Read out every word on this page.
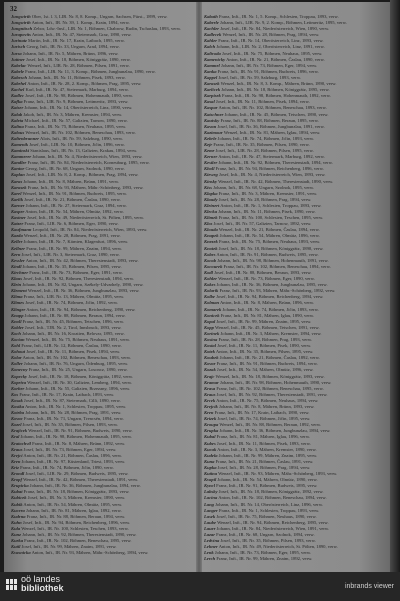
32
Jungwirth Ober, 1st. l. 3, LIR. Nr. 8, 8. Komp., Ungarn, Sachsen, Fürst., 1899, verw.
Jungwirth Anton, Inft., IR. Nr. 39, 1. Komp., Krain, 1894, verw.
Jungnitsch Zebor, Ldw.-Insf., LIR. Nr. 1, Böhmen, Chabrow, Rudin, Tschaslau, 1893, verw.
Jurapovits Anton, Inft., IR. Nr. 47, Steiermark, Graz, 1890, verw.
Jurinatz Martin, Inft., IR. Nr. 17, Krain, Laibach, 1895, verw.
Jurisch Georg, Inft., IR. Nr. 33, Ungarn, Arad, 1894, verw.
Jursa Johann, Inft., IR. Nr. 5, Mähren, Brünn, 1896, verw.
Juttner Josef, Inft., IR. Nr. 18, Böhmen, Königgrätz, 1890, verw.
Kabelac Wenzel, Inft., LIR. Nr. 28, Böhmen, Pilsen, 1891, verw.
Kabele Franz, Inft., LIR. Nr. 11, 3. Komp., Böhmen, Jungbunzlau, 1890, verw.
Kabesch Johann, Inft., IR. Nr. 11, Böhmen, Pisek, 1893, verw.
Kabrhel Anton, Inft., IR. Nr. 28, 2. Komp., Böhmen, Prag, 1895, verw.
Kachel Karl, Inft., IR. Nr. 47, Steiermark, Marburg, 1894, verw.
Kadlec Josef, Inft., IR. Nr. 98, Böhmen, Hohenmauth, 1890, verw.
Kafka Franz, Inft., LIR. Nr. 9, Böhmen, Leitmeritz, 1893, verw.
Kaiser Johann, Inft., IR. Nr. 14, Oberösterreich, Linz, 1890, verw.
Kalab Jakob, Inft., IR. Nr. 3, Mähren, Kremsier, 1894, verw.
Kaleta Michael, Inft., IR. Nr. 57, Galizien, Tarnow, 1890, verw.
Kalina Franz, Inft., IR. Nr. 75, Böhmen, Neuhaus, 1895, verw.
Kalous Wenzel, Inft., IR. Nr. 102, Böhmen, Beneschau, 1893, verw.
Kaltenbrunner Alois, Inft., IR. Nr. 59, Salzburg, 1890, verw.
Kamenik Josef, Inft., LIR. Nr. 10, Böhmen, Jičin, 1896, verw.
Kaminski Stanislaus, Inft., IR. Nr. 13, Galizien, Krakau, 1894, verw.
Kammerer Johann, Inft., IR. Nr. 4, Niederösterreich, Wien, 1893, verw.
Kandler Franz, Inft., IR. Nr. 84, Niederösterreich, Korneuburg, 1895, verw.
Kantor Georg, Inft., IR. Nr. 68, Ungarn, Szolnok, 1890, verw.
Kaplan Josef, Inft., LIR. Nr. 8, 2. Komp., Böhmen, Prag, 1894, verw.
Karas Johann, Inft., IR. Nr. 8, Mähren, Brünn, 1891, verw.
Karasek Franz, Inft., IR. Nr. 93, Mähren, Mähr.-Schönberg, 1893, verw.
Karel Wenzel, Inft., IR. Nr. 91, Böhmen, Budweis, 1895, verw.
Karlik Josef, Inft., IR. Nr. 21, Böhmen, Časlau, 1890, verw.
Karner Johann, Inft., IR. Nr. 27, Steiermark, Graz, 1894, verw.
Kasper Anton, Inft., IR. Nr. 54, Mähren, Olmütz, 1892, verw.
Kastner Josef, Inft., IR. Nr. 49, Niederösterreich, St. Pölten, 1895, verw.
Katzer Franz, Inft., LIR. Nr. 6, Böhmen, Eger, 1890, verw.
Kaufmann Leopold, Inft., IR. Nr. 84, Niederösterreich, Wien, 1893, verw.
Kazda Wenzel, Inft., IR. Nr. 28, Böhmen, Prag, 1891, verw.
Keller Johann, Inft., IR. Nr. 7, Kärnten, Klagenfurt, 1896, verw.
Kellner Franz, Inft., IR. Nr. 99, Mähren, Znaim, 1894, verw.
Kern Josef, Inft., LIR. Nr. 3, Steiermark, Graz, 1890, verw.
Kessler Anton, Inft., IR. Nr. 42, Böhmen, Theresienstadt, 1893, verw.
Kindl Johann, Inft., IR. Nr. 35, Böhmen, Pilsen, 1895, verw.
Kirchner Franz, Inft., IR. Nr. 73, Böhmen, Eger, 1891, verw.
Klaus Josef, Inft., IR. Nr. 92, Böhmen, Theresienstadt, 1894, verw.
Klein Johann, Inft., IR. Nr. 82, Ungarn, Székely-Udvarhely, 1890, verw.
Klement Wenzel, Inft., IR. Nr. 36, Böhmen, Jungbunzlau, 1893, verw.
Klima Franz, Inft., LIR. Nr. 13, Mähren, Olmütz, 1895, verw.
Klimes Josef, Inft., IR. Nr. 74, Böhmen, Jičin, 1892, verw.
Klinger Anton, Inft., IR. Nr. 94, Böhmen, Reichenberg, 1890, verw.
Knapp Johann, Inft., IR. Nr. 88, Böhmen, Beraun, 1894, verw.
Knoll Franz, Inft., IR. Nr. 45, Böhmen, Tetschen, 1896, verw.
Kobler Josef, Inft., TJR. Nr. 2, Tirol, Innsbruck, 1893, verw.
Koch Johann, Inft., IR. Nr. 16, Kroatien, Belovar, 1895, verw.
Kocian Wenzel, Inft., IR. Nr. 75, Böhmen, Neuhaus, 1891, verw.
Kohl Franz, Inft., LIR. Nr. 12, Böhmen, Časlau, 1890, verw.
Kohout Josef, Inft., IR. Nr. 11, Böhmen, Pisek, 1894, verw.
Kolar Anton, Inft., IR. Nr. 102, Böhmen, Beneschau, 1893, verw.
Koller Johann, Inft., IR. Nr. 76, Ungarn, Ödenburg, 1895, verw.
Konecny Franz, Inft., IR. Nr. 25, Ungarn, Losoncz, 1890, verw.
Kopecky Josef, Inft., IR. Nr. 18, Böhmen, Königgrätz, 1892, verw.
Kopriva Wenzel, Inft., IR. Nr. 30, Galizien, Lemberg, 1894, verw.
Korber Johann, Inft., IR. Nr. 55, Galizien, Brzezany, 1896, verw.
Kos Franz, Inft., IR. Nr. 17, Krain, Laibach, 1893, verw.
Kosak Josef, Inft., IR. Nr. 87, Steiermark, Cilli, 1890, verw.
Kostka Anton, Inft., IR. Nr. 1, Schlesien, Troppau, 1895, verw.
Kotrba Johann, Inft., IR. Nr. 28, Böhmen, Prag, 1891, verw.
Kovac Franz, Inft., IR. Nr. 71, Ungarn, Trencsén, 1894, verw.
Kozel Josef, Inft., IR. Nr. 35, Böhmen, Pilsen, 1893, verw.
Krajicek Wenzel, Inft., IR. Nr. 91, Böhmen, Budweis, 1890, verw.
Kral Johann, Inft., IR. Nr. 98, Böhmen, Hohenmauth, 1895, verw.
Kratochvil Franz, Inft., IR. Nr. 8, Mähren, Brünn, 1892, verw.
Kraus Josef, Inft., IR. Nr. 73, Böhmen, Eger, 1894, verw.
Krejci Anton, Inft., IR. Nr. 21, Böhmen, Časlau, 1896, verw.
Kren Johann, Inft., IR. Nr. 97, Küstenland, Triest, 1893, verw.
Kriz Franz, Inft., IR. Nr. 74, Böhmen, Jičin, 1890, verw.
Krondl Josef, Inft., LIR. Nr. 29, Böhmen, Budweis, 1895, verw.
Kropf Wenzel, Inft., IR. Nr. 42, Böhmen, Theresienstadt, 1891, verw.
Krupicka Johann, Inft., IR. Nr. 36, Böhmen, Jungbunzlau, 1894, verw.
Kubat Franz, Inft., IR. Nr. 18, Böhmen, Königgrätz, 1893, verw.
Kubicek Josef, Inft., IR. Nr. 3, Mähren, Kremsier, 1890, verw.
Kubik Anton, Inft., IR. Nr. 54, Mähren, Olmütz, 1895, verw.
Kucera Johann, Inft., IR. Nr. 81, Mähren, Iglau, 1892, verw.
Kudrna Franz, Inft., IR. Nr. 88, Böhmen, Beraun, 1894, verw.
Kuhn Josef, Inft., IR. Nr. 94, Böhmen, Reichenberg, 1896, verw.
Kula Wenzel, Inft., IR. Nr. 100, Schlesien, Teschen, 1893, verw.
Kunz Johann, Inft., IR. Nr. 92, Böhmen, Theresienstadt, 1890, verw.
Kurka Franz, Inft., IR. Nr. 102, Böhmen, Beneschau, 1895, verw.
Kutil Josef, Inft., IR. Nr. 99, Mähren, Znaim, 1891, verw.
Kvasnicka Anton, Inft., IR. Nr. 93, Mähren, Mähr.-Schönberg, 1894, verw.
Kabath Franz, Inft., IR. Nr. 1, 5. Komp., Schlesien, Troppau, 1893, verw.
Kaberle Johann, Inft., LIR. Nr. 9, 2. Komp., Böhmen, Leitmeritz, 1895, verw.
Kachler Josef, Inft., IR. Nr. 84, Niederösterreich, Wien, 1890, verw.
Kadlecek Wenzel, Inft., IR. Nr. 28, Böhmen, Prag, 1894, verw.
Kahler Franz, Inft., IR. Nr. 14, Oberösterreich, Linz, 1893, verw.
Kalch Johann, Inft., LIR. Nr. 2, Oberösterreich, Linz, 1891, verw.
Kalivoda Josef, Inft., IR. Nr. 75, Böhmen, Neuhaus, 1895, verw.
Kamenicky Anton, Inft., IR. Nr. 21, Böhmen, Časlau, 1890, verw.
Kammel Johann, Inft., IR. Nr. 73, Böhmen, Eger, 1894, verw.
Kanka Franz, Inft., IR. Nr. 91, Böhmen, Budweis, 1896, verw.
Kappel Josef, Inft., IR. Nr. 59, Salzburg, 1893, verw.
Karasek Wenzel, Inft., IR. Nr. 8, 3. Komp., Mähren, Brünn, 1890, verw.
Karlicek Johann, Inft., IR. Nr. 18, Böhmen, Königgrätz, 1895, verw.
Karpisek Franz, Inft., IR. Nr. 98, Böhmen, Hohenmauth, 1892, verw.
Kasal Josef, Inft., IR. Nr. 11, Böhmen, Pisek, 1894, verw.
Kaspar Anton, Inft., IR. Nr. 102, Böhmen, Beneschau, 1893, verw.
Katschner Johann, Inft., IR. Nr. 45, Böhmen, Tetschen, 1890, verw.
Kautsky Franz, Inft., IR. Nr. 88, Böhmen, Beraun, 1895, verw.
Kavan Josef, Inft., IR. Nr. 36, Böhmen, Jungbunzlau, 1891, verw.
Kazimour Wenzel, Inft., IR. Nr. 81, Mähren, Iglau, 1894, verw.
Kebrle Johann, Inft., IR. Nr. 74, Böhmen, Jičin, 1893, verw.
Kejr Franz, Inft., IR. Nr. 35, Böhmen, Pilsen, 1890, verw.
Kemr Josef, Inft., LIR. Nr. 28, Böhmen, Pilsen, 1895, verw.
Kerner Anton, Inft., IR. Nr. 47, Steiermark, Marburg, 1892, verw.
Kestler Johann, Inft., IR. Nr. 92, Böhmen, Theresienstadt, 1894, verw.
Kholl Franz, Inft., IR. Nr. 94, Böhmen, Reichenberg, 1896, verw.
Kieweg Josef, Inft., IR. Nr. 4, Niederösterreich, Wien, 1893, verw.
Kinsky Wenzel, Inft., IR. Nr. 42, Böhmen, Theresienstadt, 1890, verw.
Kiss Johann, Inft., IR. Nr. 68, Ungarn, Szolnok, 1895, verw.
Klapka Franz, Inft., IR. Nr. 3, Mähren, Kremsier, 1891, verw.
Klaudy Josef, Inft., IR. Nr. 28, Böhmen, Prag, 1894, verw.
Kleinert Anton, Inft., IR. Nr. 1, Schlesien, Troppau, 1893, verw.
Klecka Johann, Inft., IR. Nr. 11, Böhmen, Pisek, 1890, verw.
Klimek Franz, Inft., IR. Nr. 100, Schlesien, Teschen, 1895, verw.
Klos Josef, Inft., IR. Nr. 57, Galizien, Tarnow, 1892, verw.
Klouda Wenzel, Inft., IR. Nr. 21, Böhmen, Časlau, 1894, verw.
Knapek Johann, Inft., IR. Nr. 54, Mähren, Olmütz, 1896, verw.
Knezek Franz, Inft., IR. Nr. 75, Böhmen, Neuhaus, 1893, verw.
Knotek Josef, Inft., IR. Nr. 18, Böhmen, Königgrätz, 1890, verw.
Kobes Anton, Inft., IR. Nr. 91, Böhmen, Budweis, 1895, verw.
Kocab Johann, Inft., IR. Nr. 98, Böhmen, Hohenmauth, 1891, verw.
Kocourek Franz, Inft., IR. Nr. 102, Böhmen, Beneschau, 1894, verw.
Kodl Josef, Inft., IR. Nr. 88, Böhmen, Beraun, 1893, verw.
Kohler Wenzel, Inft., IR. Nr. 73, Böhmen, Eger, 1890, verw.
Kokes Johann, Inft., IR. Nr. 36, Böhmen, Jungbunzlau, 1895, verw.
Kolarik Franz, Inft., IR. Nr. 93, Mähren, Mähr.-Schönberg, 1892, verw.
Kolbe Josef, Inft., IR. Nr. 94, Böhmen, Reichenberg, 1894, verw.
Kolman Anton, Inft., IR. Nr. 8, Mähren, Brünn, 1896, verw.
Komarek Johann, Inft., IR. Nr. 74, Böhmen, Jičin, 1893, verw.
Konicek Franz, Inft., IR. Nr. 81, Mähren, Iglau, 1890, verw.
Kopal Josef, Inft., IR. Nr. 99, Mähren, Znaim, 1895, verw.
Kopp Wenzel, Inft., IR. Nr. 45, Böhmen, Tetschen, 1891, verw.
Korinek Johann, Inft., IR. Nr. 3, Mähren, Kremsier, 1894, verw.
Kosina Franz, Inft., IR. Nr. 28, Böhmen, Prag, 1893, verw.
Kostal Josef, Inft., IR. Nr. 11, Böhmen, Pisek, 1890, verw.
Kotek Anton, Inft., IR. Nr. 35, Böhmen, Pilsen, 1895, verw.
Koubek Johann, Inft., IR. Nr. 21, Böhmen, Časlau, 1892, verw.
Kovar Franz, Inft., IR. Nr. 91, Böhmen, Budweis, 1894, verw.
Kozak Josef, Inft., IR. Nr. 54, Mähren, Olmütz, 1896, verw.
Krajc Wenzel, Inft., IR. Nr. 18, Böhmen, Königgrätz, 1893, verw.
Kramar Johann, Inft., IR. Nr. 98, Böhmen, Hohenmauth, 1890, verw.
Krasa Franz, Inft., IR. Nr. 102, Böhmen, Beneschau, 1895, verw.
Kraus Josef, Inft., IR. Nr. 92, Böhmen, Theresienstadt, 1891, verw.
Krcek Anton, Inft., IR. Nr. 75, Böhmen, Neuhaus, 1894, verw.
Krejcik Johann, Inft., IR. Nr. 8, Mähren, Brünn, 1893, verw.
Kren Franz, Inft., IR. Nr. 17, Krain, Laibach, 1890, verw.
Krizek Josef, Inft., IR. Nr. 74, Böhmen, Jičin, 1895, verw.
Kroupa Wenzel, Inft., IR. Nr. 88, Böhmen, Beraun, 1892, verw.
Krupka Johann, Inft., IR. Nr. 36, Böhmen, Jungbunzlau, 1894, verw.
Kubal Franz, Inft., IR. Nr. 81, Mähren, Iglau, 1896, verw.
Kubes Josef, Inft., IR. Nr. 11, Böhmen, Pisek, 1893, verw.
Kucak Anton, Inft., IR. Nr. 3, Mähren, Kremsier, 1890, verw.
Kudela Johann, Inft., IR. Nr. 99, Mähren, Znaim, 1895, verw.
Kuna Franz, Inft., IR. Nr. 21, Böhmen, Časlau, 1891, verw.
Kupka Josef, Inft., IR. Nr. 28, Böhmen, Prag, 1894, verw.
Kutina Wenzel, Inft., IR. Nr. 93, Mähren, Mähr.-Schönberg, 1893, verw.
Kvapil Johann, Inft., IR. Nr. 54, Mähren, Olmütz, 1890, verw.
Kyncl Franz, Inft., IR. Nr. 91, Böhmen, Budweis, 1895, verw.
Labsky Josef, Inft., IR. Nr. 18, Böhmen, Königgrätz, 1892, verw.
Lacina Anton, Inft., IR. Nr. 102, Böhmen, Beneschau, 1894, verw.
Lang Johann, Inft., IR. Nr. 14, Oberösterreich, Linz, 1896, verw.
Langer Franz, Inft., IR. Nr. 1, Schlesien, Troppau, 1893, verw.
Lasek Josef, Inft., IR. Nr. 75, Böhmen, Neuhaus, 1890, verw.
Laube Wenzel, Inft., IR. Nr. 94, Böhmen, Reichenberg, 1895, verw.
Lauer Johann, Inft., IR. Nr. 84, Niederösterreich, Wien, 1891, verw.
Lazar Franz, Inft., IR. Nr. 68, Ungarn, Szolnok, 1894, verw.
Ledvina Josef, Inft., IR. Nr. 35, Böhmen, Pilsen, 1893, verw.
Lehner Anton, Inft., IR. Nr. 49, Niederösterreich, St. Pölten, 1890, verw.
Lenk Johann, Inft., IR. Nr. 73, Böhmen, Eger, 1895, verw.
Lerch Franz, Inft., IR. Nr. 99, Mähren, Znaim, 1892, verw.
oö landes
bibliothek	inbrands viewer
